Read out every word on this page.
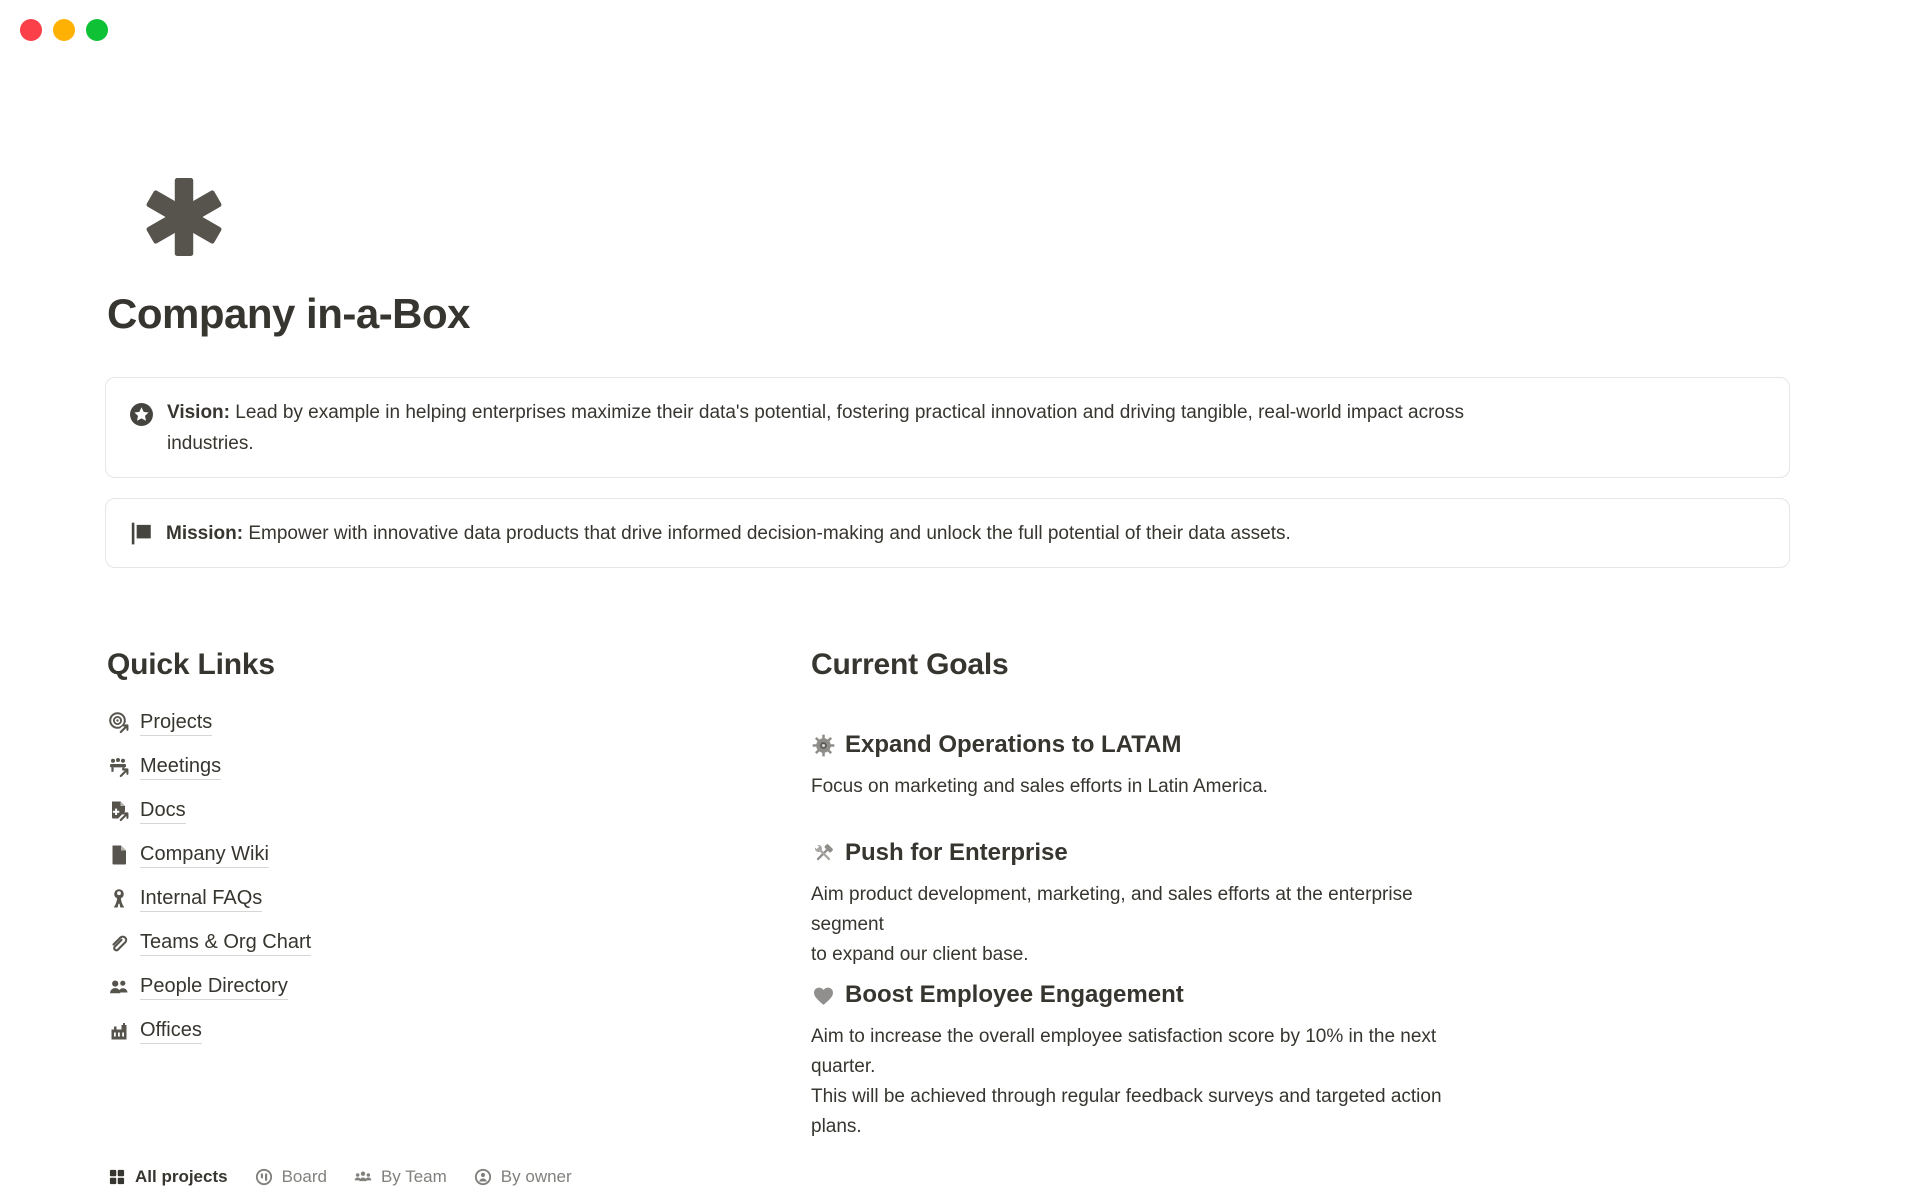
Company in-a-Box
Vision: Lead by example in helping enterprises maximize their data's potential, fostering practical innovation and driving tangible, real-world impact across
industries.
Mission: Empower with innovative data products that drive informed decision-making and unlock the full potential of their data assets.
Quick Links
Projects
Meetings
Docs
Company Wiki
Internal FAQs
Teams & Org Chart
People Directory
Offices
Current Goals
Expand Operations to LATAM
Focus on marketing and sales efforts in Latin America.
Push for Enterprise
Aim product development, marketing, and sales efforts at the enterprise segment
to expand our client base.
Boost Employee Engagement
Aim to increase the overall employee satisfaction score by 10% in the next quarter.
This will be achieved through regular feedback surveys and targeted action plans.
All projects	Board	By Team	By owner
